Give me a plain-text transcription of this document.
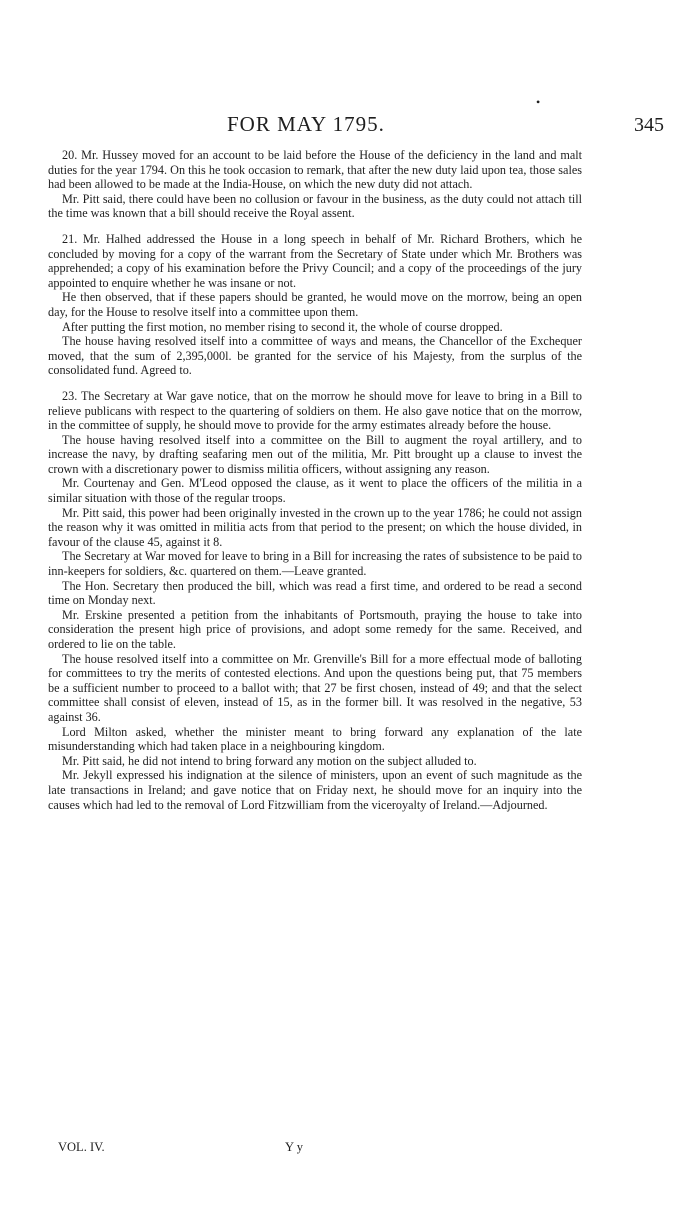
•
FOR MAY 1795.	345

20. Mr. Hussey moved for an account to be laid before the House of the deficiency in the land and malt duties for the year 1794. On this he took occasion to remark, that after the new duty laid upon tea, those sales had been allowed to be made at the India-House, on which the new duty did not attach.

Mr. Pitt said, there could have been no collusion or favour in the business, as the duty could not attach till the time was known that a bill should receive the Royal assent.

21. Mr. Halhed addressed the House in a long speech in behalf of Mr. Richard Brothers, which he concluded by moving for a copy of the warrant from the Secretary of State under which Mr. Brothers was apprehended; a copy of his examination before the Privy Council; and a copy of the proceedings of the jury appointed to enquire whether he was insane or not.

He then observed, that if these papers should be granted, he would move on the morrow, being an open day, for the House to resolve itself into a committee upon them.

After putting the first motion, no member rising to second it, the whole of course dropped.

The house having resolved itself into a committee of ways and means, the Chancellor of the Exchequer moved, that the sum of 2,395,000l. be granted for the service of his Majesty, from the surplus of the consolidated fund. Agreed to.

23. The Secretary at War gave notice, that on the morrow he should move for leave to bring in a Bill to relieve publicans with respect to the quartering of soldiers on them. He also gave notice that on the morrow, in the committee of supply, he should move to provide for the army estimates already before the house.

The house having resolved itself into a committee on the Bill to augment the royal artillery, and to increase the navy, by drafting seafaring men out of the militia, Mr. Pitt brought up a clause to invest the crown with a discretionary power to dismiss militia officers, without assigning any reason.

Mr. Courtenay and Gen. M'Leod opposed the clause, as it went to place the officers of the militia in a similar situation with those of the regular troops.

Mr. Pitt said, this power had been originally invested in the crown up to the year 1786; he could not assign the reason why it was omitted in militia acts from that period to the present; on which the house divided, in favour of the clause 45, against it 8.

The Secretary at War moved for leave to bring in a Bill for increasing the rates of subsistence to be paid to inn-keepers for soldiers, &c. quartered on them.—Leave granted.

The Hon. Secretary then produced the bill, which was read a first time, and ordered to be read a second time on Monday next.

Mr. Erskine presented a petition from the inhabitants of Portsmouth, praying the house to take into consideration the present high price of provisions, and adopt some remedy for the same. Received, and ordered to lie on the table.

The house resolved itself into a committee on Mr. Grenville's Bill for a more effectual mode of balloting for committees to try the merits of contested elections. And upon the questions being put, that 75 members be a sufficient number to proceed to a ballot with; that 27 be first chosen, instead of 49; and that the select committee shall consist of eleven, instead of 15, as in the former bill. It was resolved in the negative, 53 against 36.

Lord Milton asked, whether the minister meant to bring forward any explanation of the late misunderstanding which had taken place in a neighbouring kingdom.

Mr. Pitt said, he did not intend to bring forward any motion on the subject alluded to.

Mr. Jekyll expressed his indignation at the silence of ministers, upon an event of such magnitude as the late transactions in Ireland; and gave notice that on Friday next, he should move for an inquiry into the causes which had led to the removal of Lord Fitzwilliam from the viceroyalty of Ireland.—Adjourned.

VOL. IV.	Y y
